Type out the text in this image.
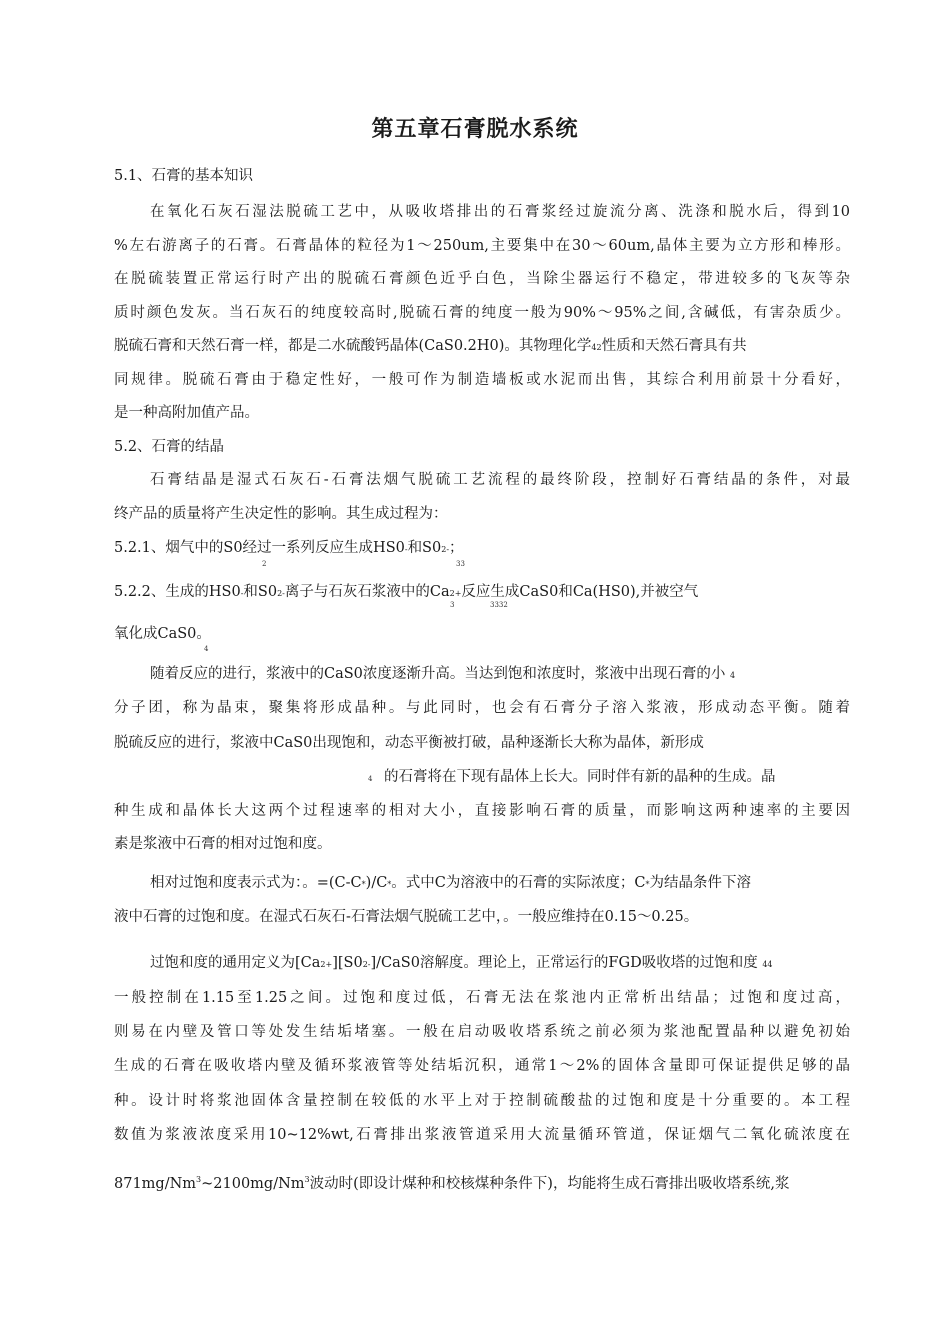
第五章石膏脱水系统
5.1、石膏的基本知识
在氧化石灰石湿法脱硫工艺中，从吸收塔排出的石膏浆经过旋流分离、洗涤和脱水后，得到10
%左右游离子的石膏。石膏晶体的粒径为1～250um,主要集中在30～60um,晶体主要为立方形和棒形。
在脱硫装置正常运行时产出的脱硫石膏颜色近乎白色，当除尘器运行不稳定，带进较多的飞灰等杂
质时颜色发灰。当石灰石的纯度较高时,脱硫石膏的纯度一般为90%～95%之间,含碱低，有害杂质少。
脱硫石膏和天然石膏一样，都是二水硫酸钙晶体(CaS0.2H0)。其物理化学42性质和天然石膏具有共
同规律。脱硫石膏由于稳定性好，一般可作为制造墙板或水泥而出售，其综合利用前景十分看好，
是一种高附加值产品。
5.2、石膏的结晶
石膏结晶是湿式石灰石-石膏法烟气脱硫工艺流程的最终阶段，控制好石膏结晶的条件，对最
终产品的质量将产生决定性的影响。其生成过程为：
5.2.1、烟气中的S0经过一系列反应生成HS0-和S02-；
2	33
5.2.2、生成的HS0-和S02-离子与石灰石浆液中的Ca2+反应生成CaS0和Ca(HS0),并被空气
3	3332
氧化成CaS0。
4
随着反应的进行，浆液中的CaS0浓度逐渐升高。当达到饱和浓度时，浆液中出现石膏的小 4
分子团，称为晶束，聚集将形成晶种。与此同时，也会有石膏分子溶入浆液，形成动态平衡。随着
脱硫反应的进行，浆液中CaS0出现饱和，动态平衡被打破，晶种逐渐长大称为晶体，新形成
4 的石膏将在下现有晶体上长大。同时伴有新的晶种的生成。晶
种生成和晶体长大这两个过程速率的相对大小，直接影响石膏的质量，而影响这两种速率的主要因
素是浆液中石膏的相对过饱和度。
相对过饱和度表示式为：。=(C-C*)/C*。式中C为溶液中的石膏的实际浓度；C*为结晶条件下溶
液中石膏的过饱和度。在湿式石灰石-石膏法烟气脱硫工艺中，。一般应维持在0.15～0.25。
过饱和度的通用定义为[Ca2+][S02-]/CaS0溶解度。理论上，正常运行的FGD吸收塔的过饱和度 44
一般控制在1.15至1.25之间。过饱和度过低，石膏无法在浆池内正常析出结晶；过饱和度过高，
则易在内壁及管口等处发生结垢堵塞。一般在启动吸收塔系统之前必须为浆池配置晶种以避免初始
生成的石膏在吸收塔内壁及循环浆液管等处结垢沉积，通常1～2%的固体含量即可保证提供足够的晶
种。设计时将浆池固体含量控制在较低的水平上对于控制硫酸盐的过饱和度是十分重要的。本工程
数值为浆液浓度采用10~12%wt,石膏排出浆液管道采用大流量循环管道，保证烟气二氧化硫浓度在
871mg/Nm$^3$~2100mg/Nm$^3$波动时(即设计煤种和校核煤种条件下)，均能将生成石膏排出吸收塔系统,浆
